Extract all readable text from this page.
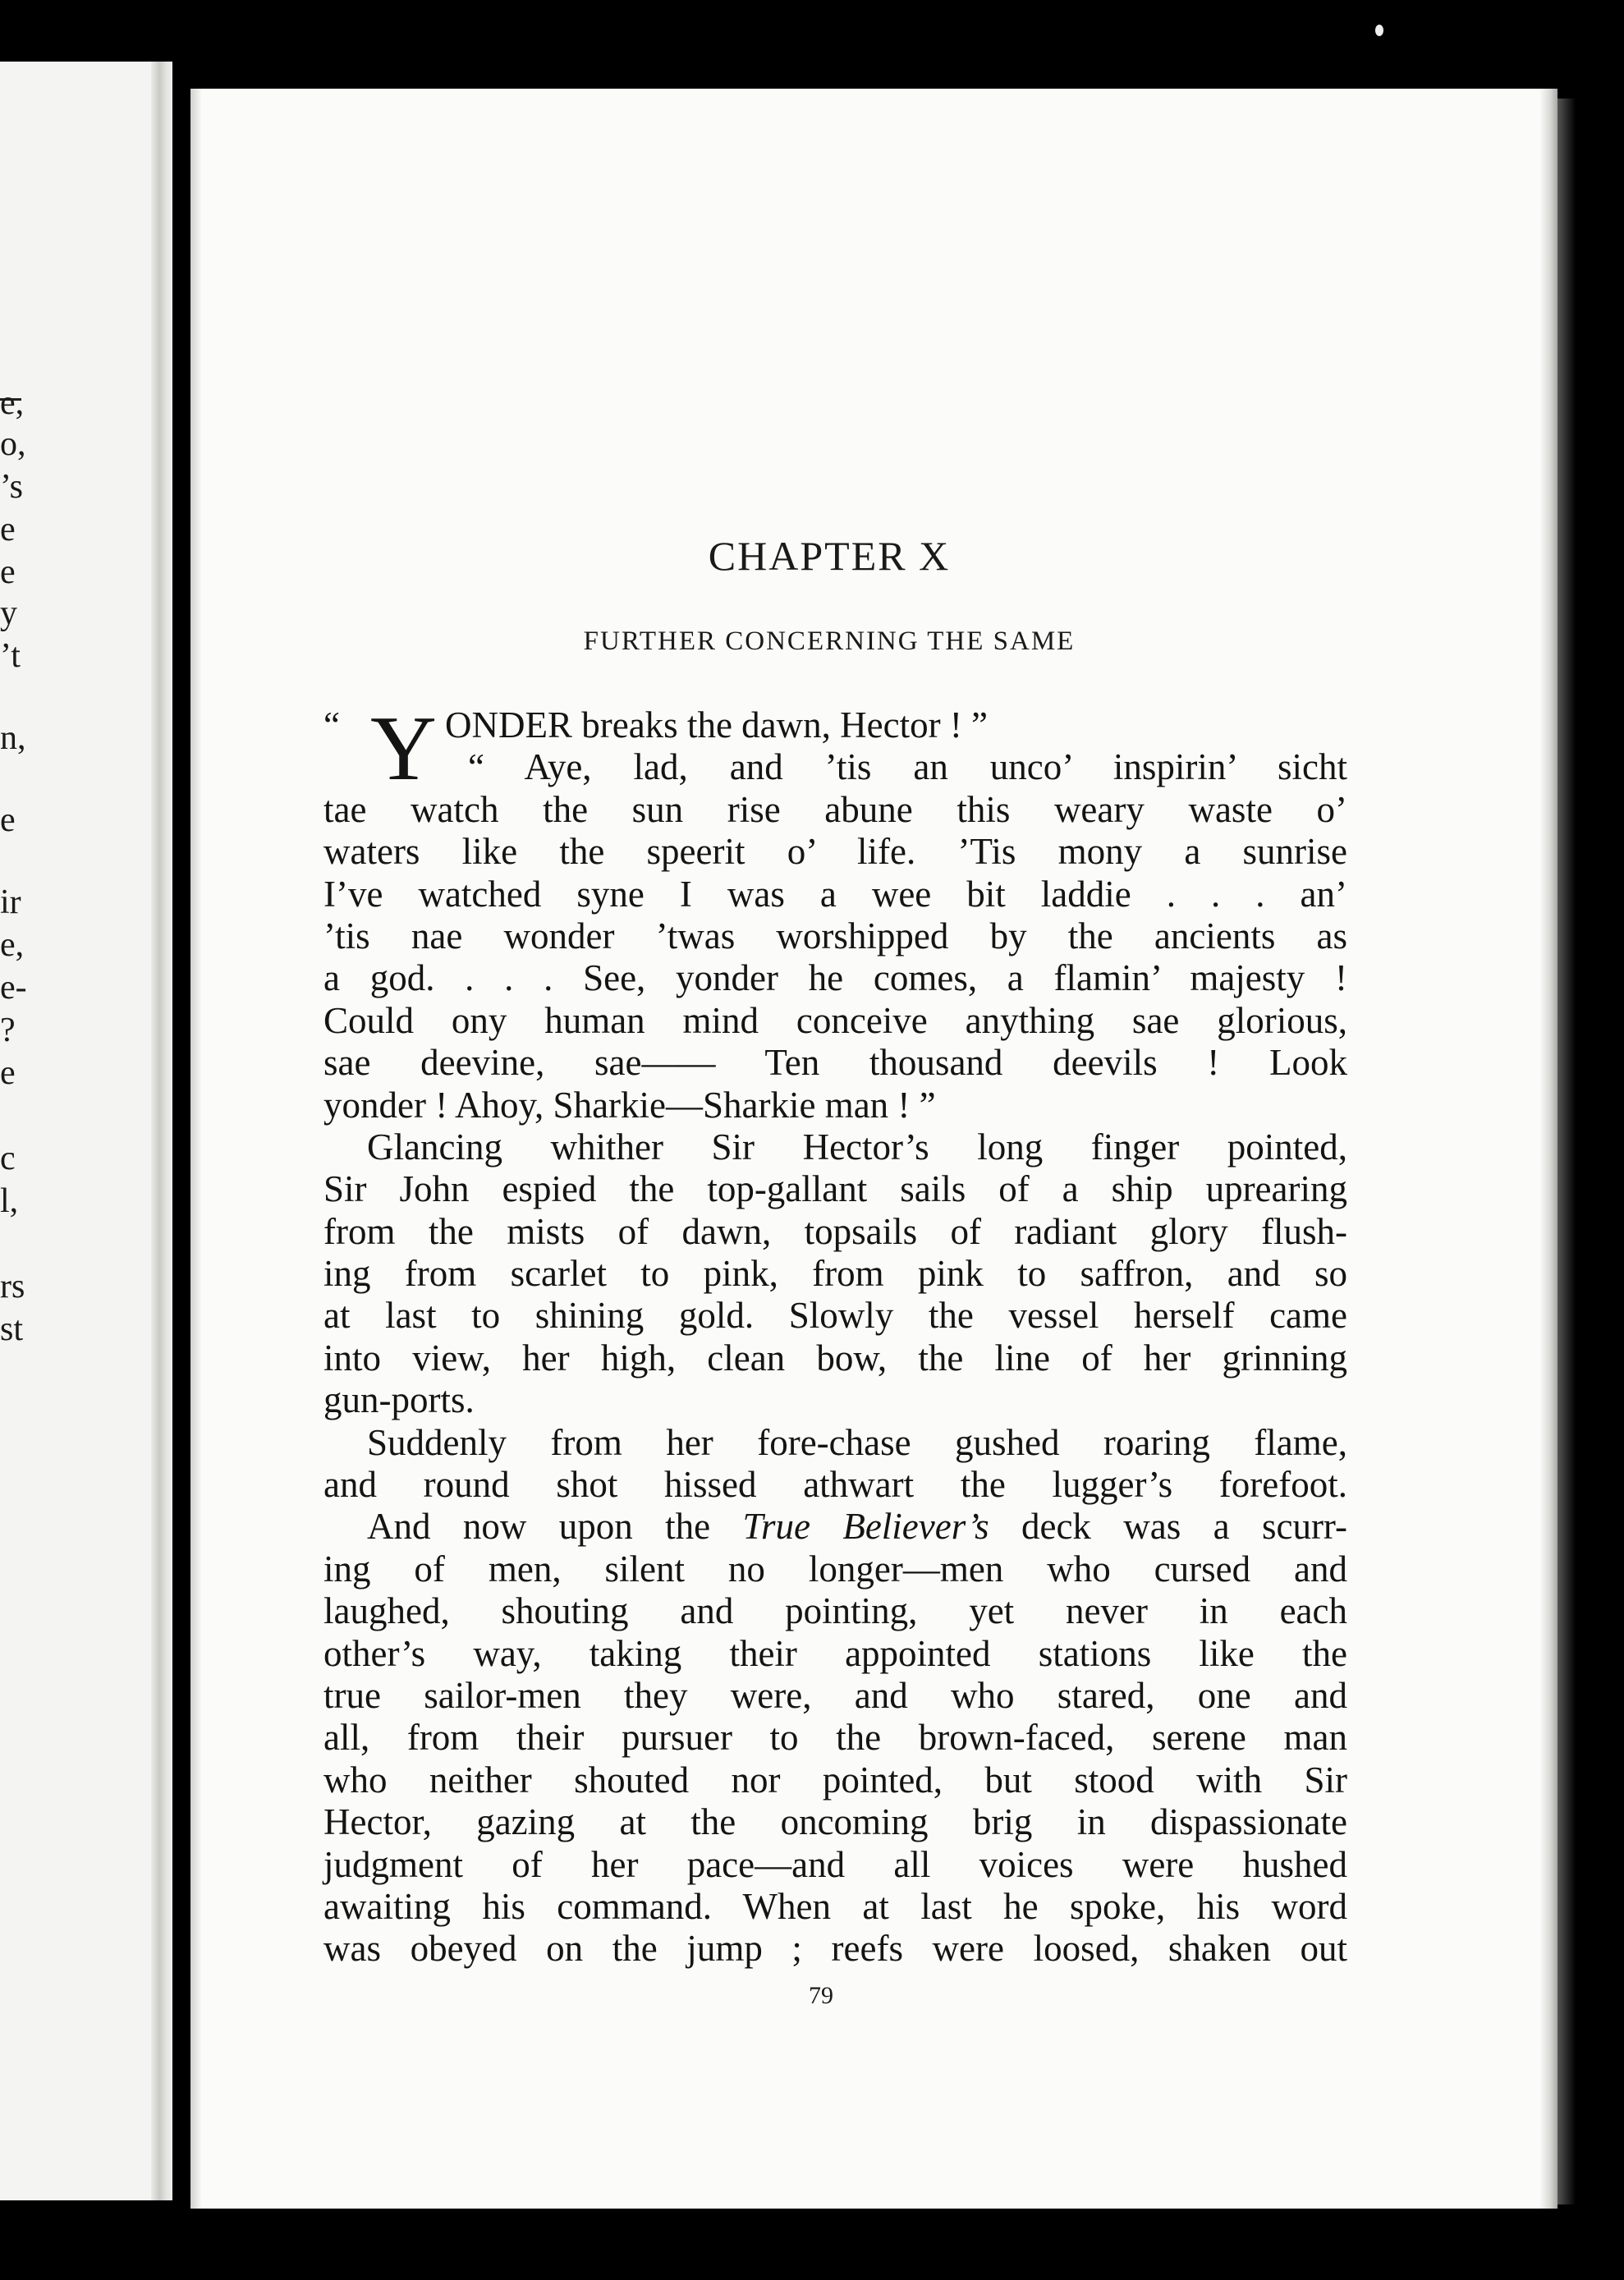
e,
o,
’s
e
e
y
’t
n,
e
ir
e,
e-
?
e
c
l,
rs
st
CHAPTER X
FURTHER CONCERNING THE SAME
“ Y ONDER breaks the dawn, Hector ! ”
“ Aye, lad, and ’tis an unco’ inspirin’ sicht
tae watch the sun rise abune this weary waste o’
waters like the speerit o’ life. ’Tis mony a sunrise
I’ve watched syne I was a wee bit laddie . . . an’
’tis nae wonder ’twas worshipped by the ancients as
a god. . . . See, yonder he comes, a flamin’ majesty !
Could ony human mind conceive anything sae glorious,
sae deevine, sae—— Ten thousand deevils ! Look
yonder ! Ahoy, Sharkie—Sharkie man ! ”
Glancing whither Sir Hector’s long finger pointed,
Sir John espied the top-gallant sails of a ship uprearing
from the mists of dawn, topsails of radiant glory flush-
ing from scarlet to pink, from pink to saffron, and so
at last to shining gold. Slowly the vessel herself came
into view, her high, clean bow, the line of her grinning
gun-ports.
Suddenly from her fore-chase gushed roaring flame,
and round shot hissed athwart the lugger’s forefoot.
And now upon the True Believer’s deck was a scurr-
ing of men, silent no longer—men who cursed and
laughed, shouting and pointing, yet never in each
other’s way, taking their appointed stations like the
true sailor-men they were, and who stared, one and
all, from their pursuer to the brown-faced, serene man
who neither shouted nor pointed, but stood with Sir
Hector, gazing at the oncoming brig in dispassionate
judgment of her pace—and all voices were hushed
awaiting his command. When at last he spoke, his word
was obeyed on the jump ; reefs were loosed, shaken out
79
